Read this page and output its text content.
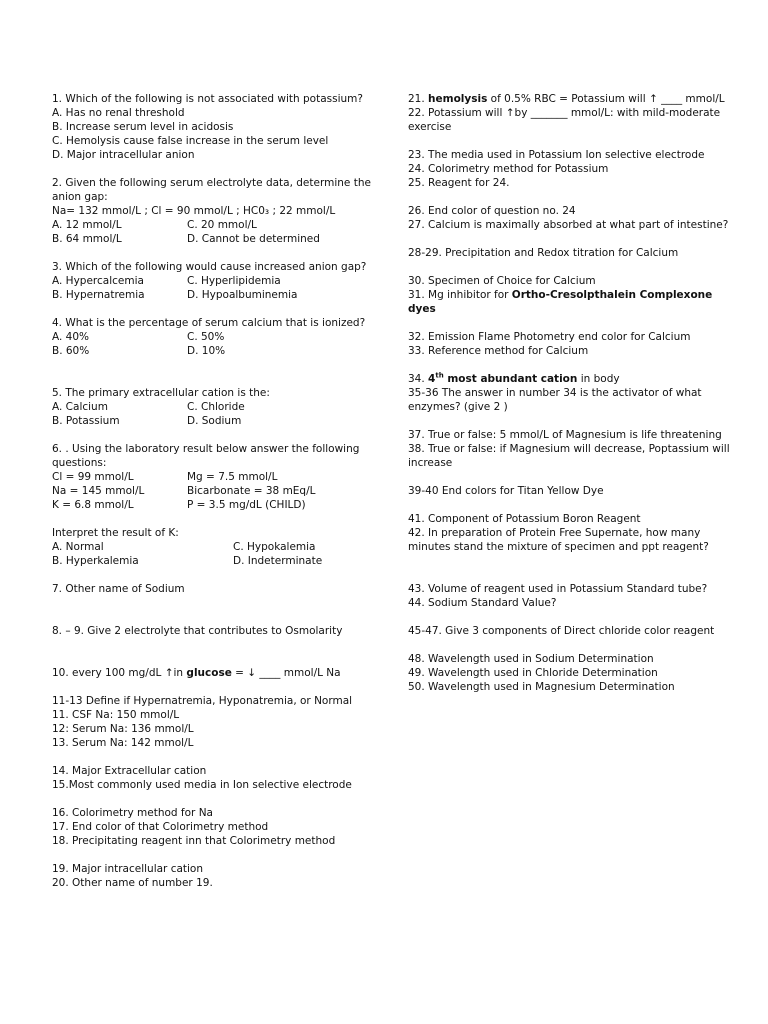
1. Which of the following is not associated with potassium?
A. Has no renal threshold
B. Increase serum level in acidosis
C. Hemolysis cause false increase in the serum level
D. Major intracellular anion
2. Given the following serum electrolyte data, determine the
anion gap:
Na= 132 mmol/L ; Cl = 90 mmol/L ; HC0₃ ; 22 mmol/L
A. 12 mmol/L	C. 20 mmol/L
B. 64 mmol/L	D. Cannot be determined
3. Which of the following would cause increased anion gap?
A. Hypercalcemia	C. Hyperlipidemia
B. Hypernatremia	D. Hypoalbuminemia
4. What is the percentage of serum calcium that is ionized?
A. 40%	C. 50%
B. 60%	D. 10%
5. The primary extracellular cation is the:
A. Calcium	C. Chloride
B. Potassium	D. Sodium
6. . Using the laboratory result below answer the following
questions:
Cl = 99 mmol/L	Mg = 7.5 mmol/L
Na = 145 mmol/L	Bicarbonate = 38 mEq/L
K = 6.8 mmol/L	P = 3.5 mg/dL (CHILD)
Interpret the result of K:
A. Normal	C. Hypokalemia
B. Hyperkalemia	D. Indeterminate
7. Other name of Sodium
8. – 9. Give 2 electrolyte that contributes to Osmolarity
10. every 100 mg/dL ↑in glucose = ↓ ____ mmol/L Na
11-13 Define if Hypernatremia, Hyponatremia, or Normal
11. CSF Na: 150 mmol/L
12: Serum Na: 136 mmol/L
13. Serum Na: 142 mmol/L
14. Major Extracellular cation
15.Most commonly used media in Ion selective electrode
16. Colorimetry method for Na
17. End color of that Colorimetry method
18. Precipitating reagent inn that Colorimetry method
19. Major intracellular cation
20. Other name of number 19.
21. hemolysis of 0.5% RBC = Potassium will ↑ ____ mmol/L
22. Potassium will ↑by _______ mmol/L: with mild-moderate
exercise
23. The media used in Potassium Ion selective electrode
24. Colorimetry method for Potassium
25. Reagent for 24.
26. End color of question no. 24
27. Calcium is maximally absorbed at what part of intestine?
28-29. Precipitation and Redox titration for Calcium
30. Specimen of Choice for Calcium
31. Mg inhibitor for Ortho-Cresolpthalein Complexone
dyes
32. Emission Flame Photometry end color for Calcium
33. Reference method for Calcium
34. 4th most abundant cation in body
35-36 The answer in number 34 is the activator of what
enzymes? (give 2 )
37. True or false: 5 mmol/L of Magnesium is life threatening
38. True or false: if Magnesium will decrease, Poptassium will
increase
39-40 End colors for Titan Yellow Dye
41. Component of Potassium Boron Reagent
42. In preparation of Protein Free Supernate, how many
minutes stand the mixture of specimen and ppt reagent?
43. Volume of reagent used in Potassium Standard tube?
44. Sodium Standard Value?
45-47. Give 3 components of Direct chloride color reagent
48. Wavelength used in Sodium Determination
49. Wavelength used in Chloride Determination
50. Wavelength used in Magnesium Determination
